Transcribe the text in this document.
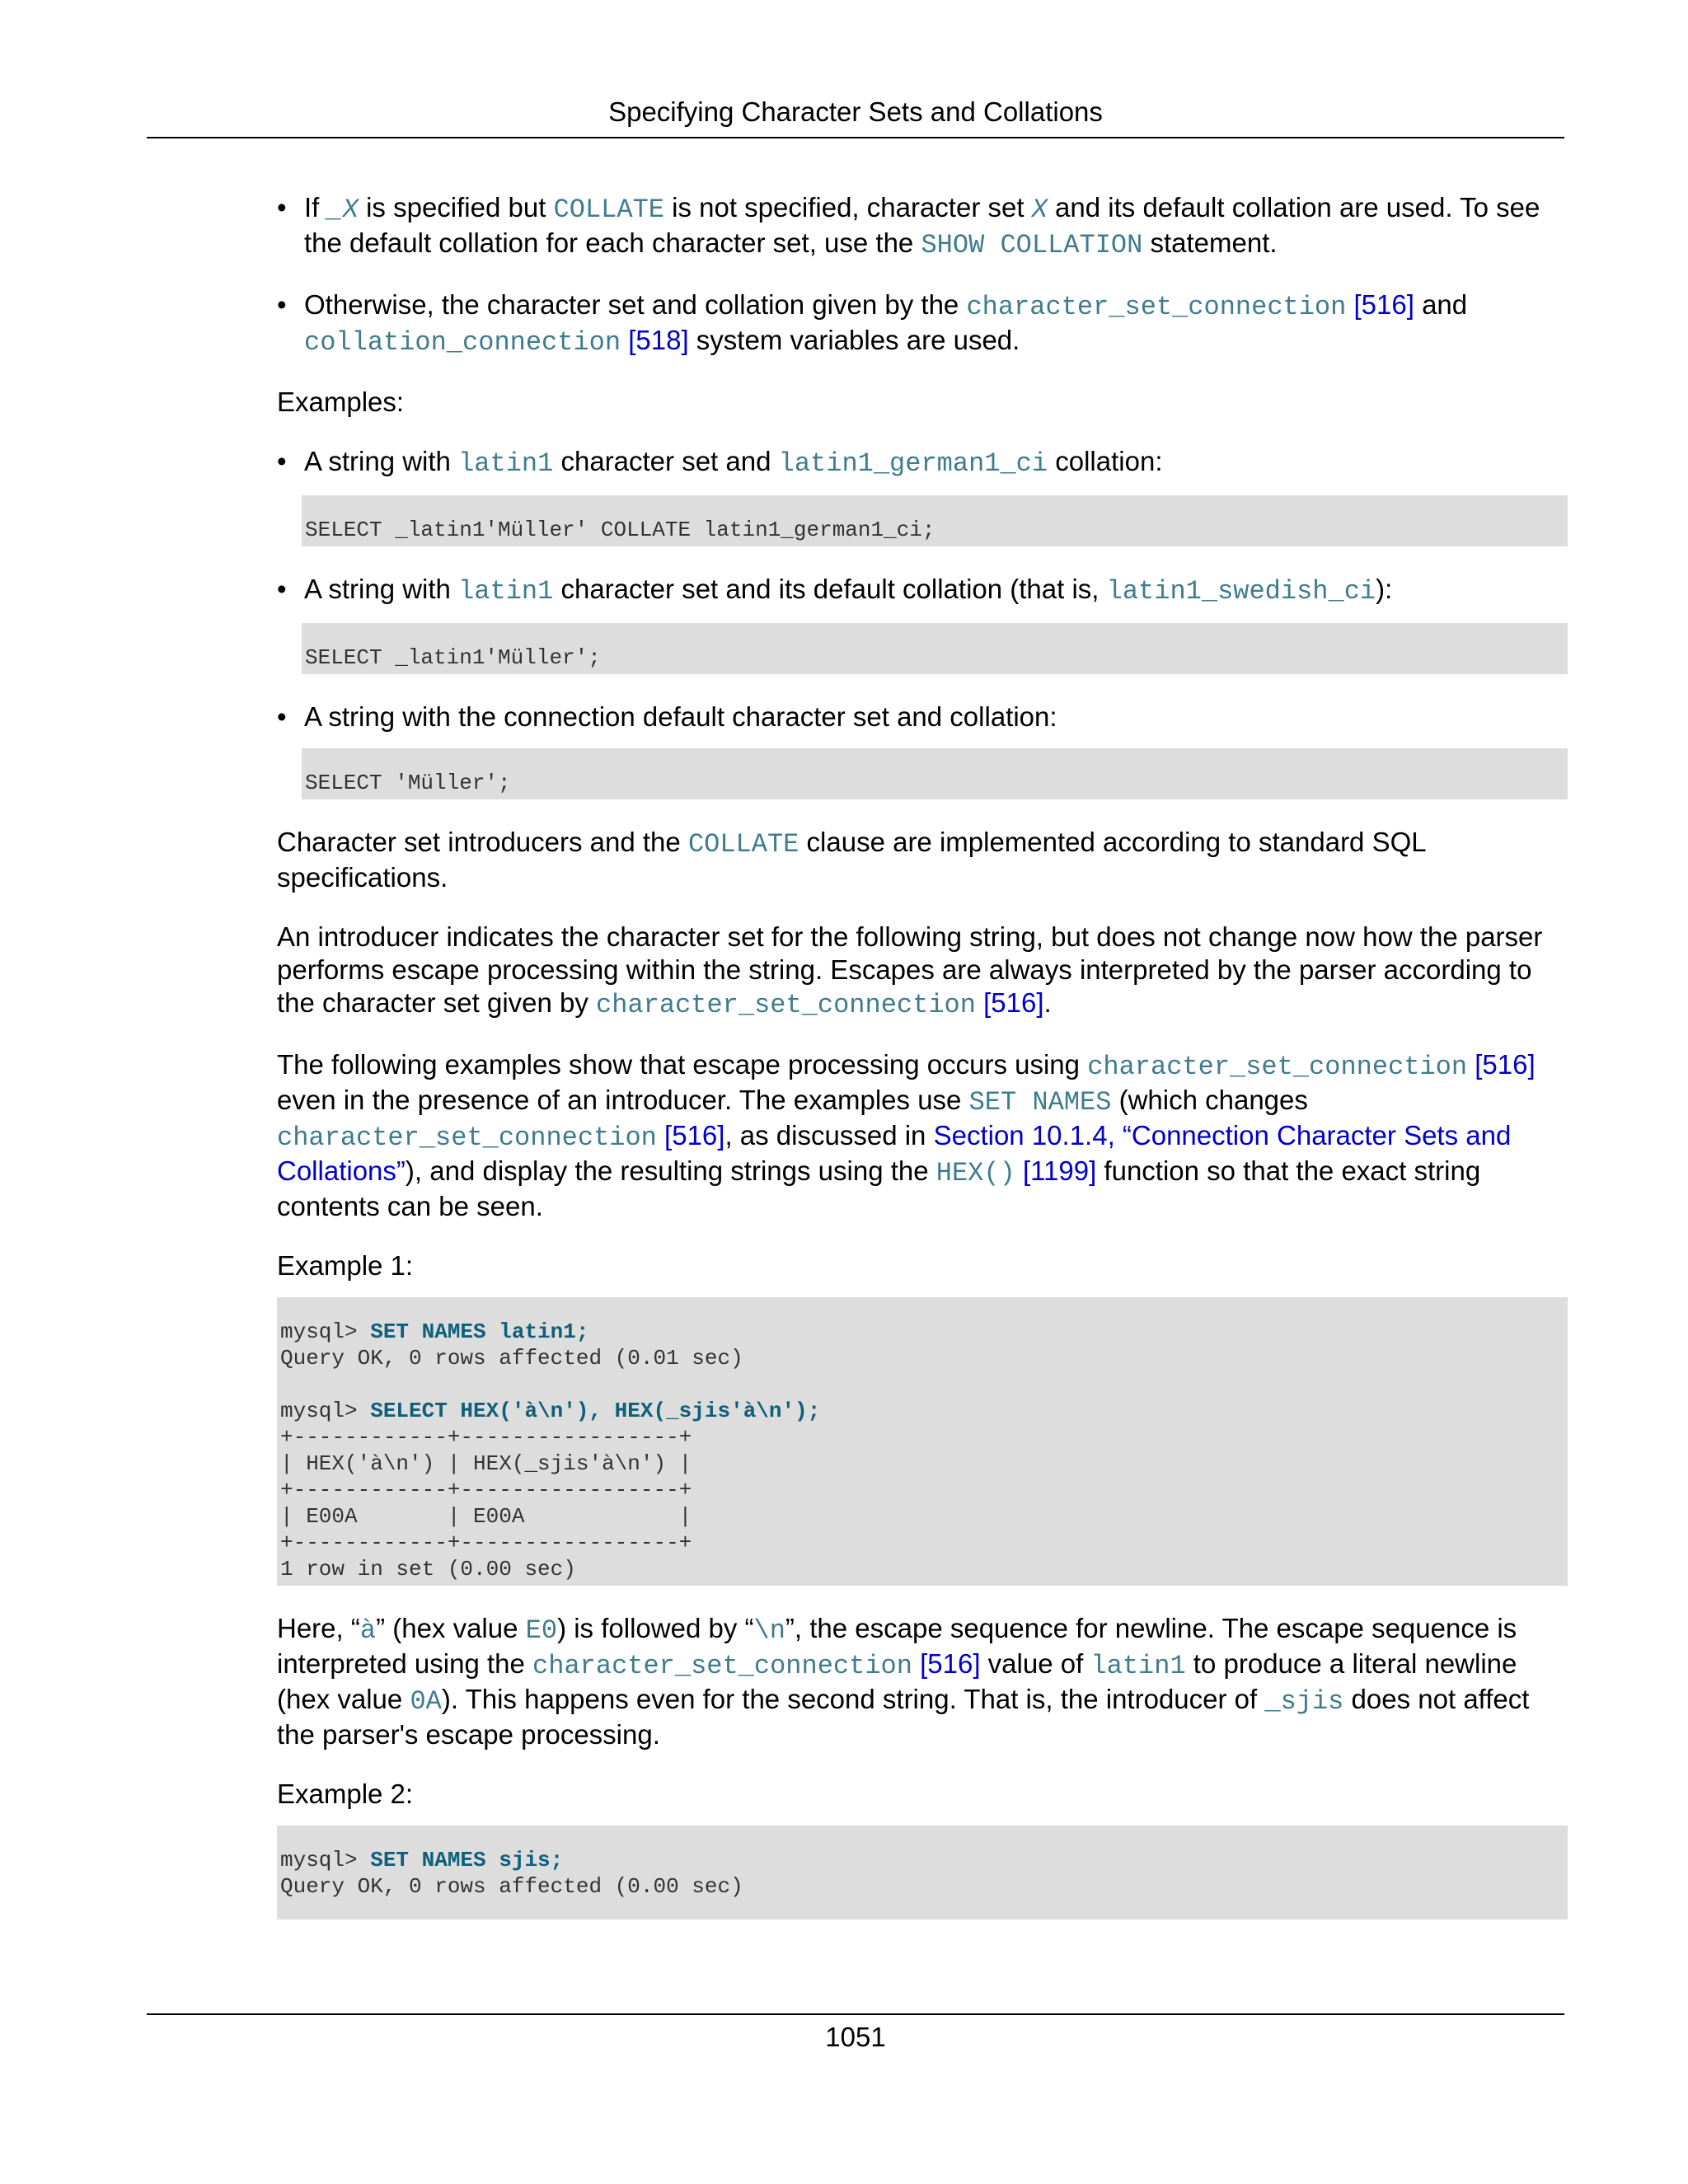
Specifying Character Sets and Collations
• If _X is specified but COLLATE is not specified, character set X and its default collation are used. To see the default collation for each character set, use the SHOW COLLATION statement.
• Otherwise, the character set and collation given by the character_set_connection [516] and
collation_connection [518] system variables are used.

Examples:

• A string with latin1 character set and latin1_german1_ci collation:
SELECT _latin1'Müller' COLLATE latin1_german1_ci;
• A string with latin1 character set and its default collation (that is, latin1_swedish_ci):
SELECT _latin1'Müller';
• A string with the connection default character set and collation:
SELECT 'Müller';

Character set introducers and the COLLATE clause are implemented according to standard SQL specifications.

An introducer indicates the character set for the following string, but does not change now how the parser performs escape processing within the string. Escapes are always interpreted by the parser according to the character set given by character_set_connection [516].

The following examples show that escape processing occurs using character_set_connection [516] even in the presence of an introducer. The examples use SET NAMES (which changes character_set_connection [516], as discussed in Section 10.1.4, “Connection Character Sets and Collations”), and display the resulting strings using the HEX() [1199] function so that the exact string contents can be seen.

Example 1:

mysql> SET NAMES latin1;
Query OK, 0 rows affected (0.01 sec)
mysql> SELECT HEX('à\n'), HEX(_sjis'à\n');
+------------+-----------------+
| HEX('à\n') | HEX(_sjis'à\n') |
+------------+-----------------+
| E00A       | E00A            |
+------------+-----------------+
1 row in set (0.00 sec)

Here, “à” (hex value E0) is followed by “\n”, the escape sequence for newline. The escape sequence is interpreted using the character_set_connection [516] value of latin1 to produce a literal newline (hex value 0A). This happens even for the second string. That is, the introducer of _sjis does not affect the parser's escape processing.

Example 2:

mysql> SET NAMES sjis;
Query OK, 0 rows affected (0.00 sec)
1051
